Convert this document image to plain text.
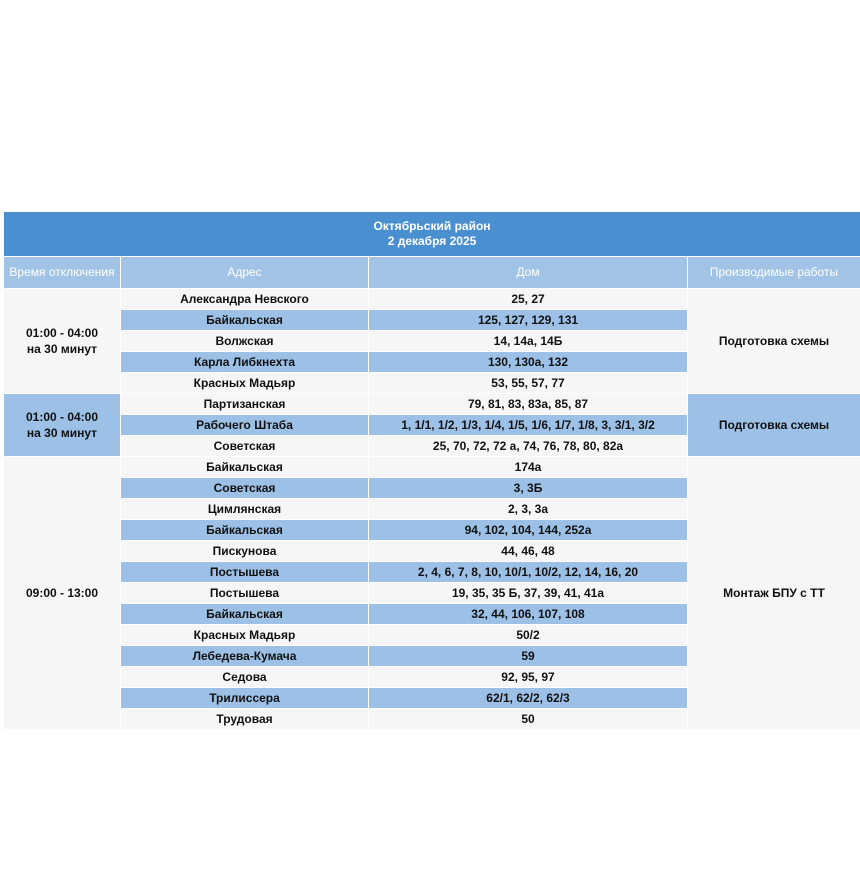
Октябрьский район
2 декабря 2025			

Время отключения	Адрес	Дом	Производимые работы

01:00 - 04:00
на 30 минут	Александра Невского	25, 27	Подготовка схемы
	Байкальская	125, 127, 129, 131	
	Волжская	14, 14а, 14Б	
	Карла Либкнехта	130, 130а, 132	
	Красных Мадьяр	53, 55, 57, 77	

01:00 - 04:00
на 30 минут	Партизанская	79, 81, 83, 83а, 85, 87	Подготовка схемы
	Рабочего Штаба	1, 1/1, 1/2, 1/3, 1/4, 1/5, 1/6, 1/7, 1/8, 3, 3/1, 3/2	
	Советская	25, 70, 72, 72 а, 74, 76, 78, 80, 82а	

09:00 - 13:00	Байкальская	174а	Монтаж БПУ с ТТ
	Советская	3, 3Б	
	Цимлянская	2, 3, 3а	
	Байкальская	94, 102, 104, 144, 252а	
	Пискунова	44, 46, 48	
	Постышева	2, 4, 6, 7, 8, 10, 10/1, 10/2, 12, 14, 16, 20	
	Постышева	19, 35, 35 Б, 37, 39, 41, 41а	
	Байкальская	32, 44, 106, 107, 108	
	Красных Мадьяр	50/2	
	Лебедева-Кумача	59	
	Седова	92, 95, 97	
	Трилиссера	62/1, 62/2, 62/3	
	Трудовая	50	
